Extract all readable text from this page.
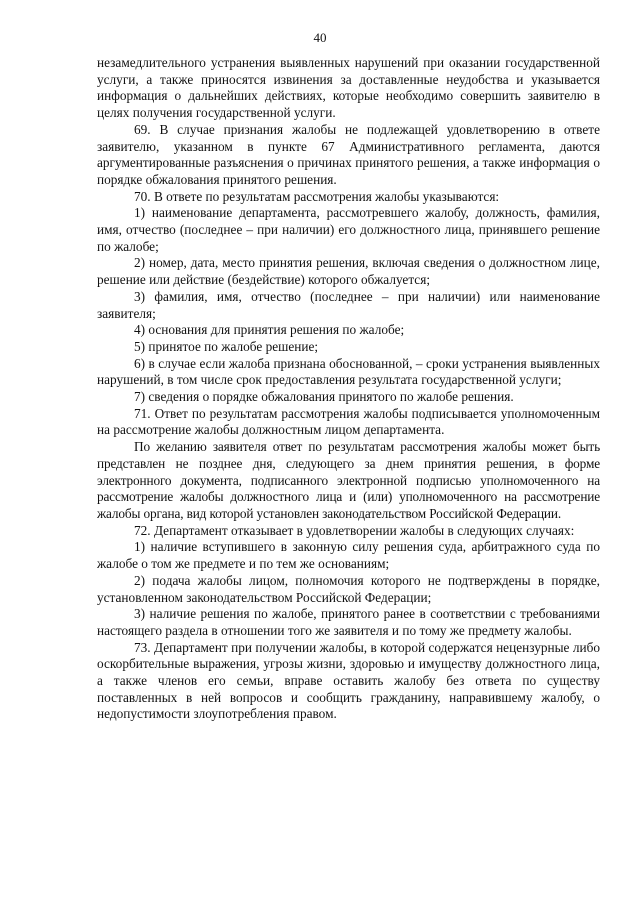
40

незамедлительного устранения выявленных нарушений при оказании государственной услуги, а также приносятся извинения за доставленные неудобства и указывается информация о дальнейших действиях, которые необходимо совершить заявителю в целях получения государственной услуги.

69. В случае признания жалобы не подлежащей удовлетворению в ответе заявителю, указанном в пункте 67 Административного регламента, даются аргументированные разъяснения о причинах принятого решения, а также информация о порядке обжалования принятого решения.

70. В ответе по результатам рассмотрения жалобы указываются:

1) наименование департамента, рассмотревшего жалобу, должность, фамилия, имя, отчество (последнее – при наличии) его должностного лица, принявшего решение по жалобе;

2) номер, дата, место принятия решения, включая сведения о должностном лице, решение или действие (бездействие) которого обжалуется;

3) фамилия, имя, отчество (последнее – при наличии) или наименование заявителя;

4) основания для принятия решения по жалобе;

5) принятое по жалобе решение;

6) в случае если жалоба признана обоснованной, – сроки устранения выявленных нарушений, в том числе срок предоставления результата государственной услуги;

7) сведения о порядке обжалования принятого по жалобе решения.

71. Ответ по результатам рассмотрения жалобы подписывается уполномоченным на рассмотрение жалобы должностным лицом департамента.

По желанию заявителя ответ по результатам рассмотрения жалобы может быть представлен не позднее дня, следующего за днем принятия решения, в форме электронного документа, подписанного электронной подписью уполномоченного на рассмотрение жалобы должностного лица и (или) уполномоченного на рассмотрение жалобы органа, вид которой установлен законодательством Российской Федерации.

72. Департамент отказывает в удовлетворении жалобы в следующих случаях:

1) наличие вступившего в законную силу решения суда, арбитражного суда по жалобе о том же предмете и по тем же основаниям;

2) подача жалобы лицом, полномочия которого не подтверждены в порядке, установленном законодательством Российской Федерации;

3) наличие решения по жалобе, принятого ранее в соответствии с требованиями настоящего раздела в отношении того же заявителя и по тому же предмету жалобы.

73. Департамент при получении жалобы, в которой содержатся нецензурные либо оскорбительные выражения, угрозы жизни, здоровью и имуществу должностного лица, а также членов его семьи, вправе оставить жалобу без ответа по существу поставленных в ней вопросов и сообщить гражданину, направившему жалобу, о недопустимости злоупотребления правом.
